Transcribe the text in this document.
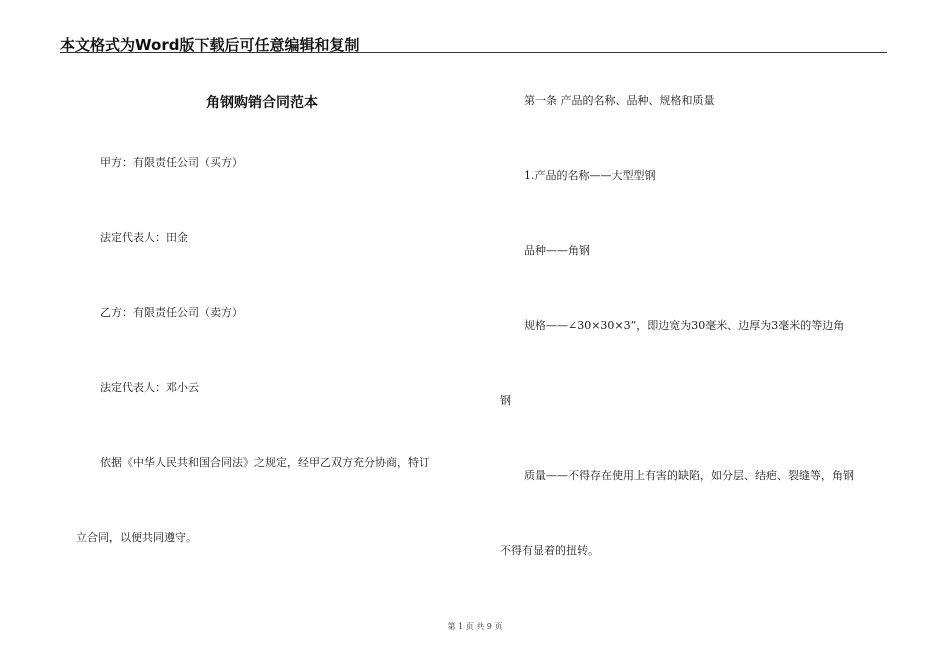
本文格式为Word版下载后可任意编辑和复制
角钢购销合同范本
甲方：有限责任公司（买方）
法定代表人：田金
乙方：有限责任公司（卖方）
法定代表人：邓小云
依据《中华人民共和国合同法》之规定，经甲乙双方充分协商，特订
立合同，以便共同遵守。
第一条 产品的名称、品种、规格和质量
1.产品的名称——大型型钢
品种——角钢
规格——∠30×30×3”，即边宽为30毫米、边厚为3毫米的等边角
钢
质量——不得存在使用上有害的缺陷，如分层、结疤、裂缝等，角钢
不得有显着的扭转。
第 1 页 共 9 页
